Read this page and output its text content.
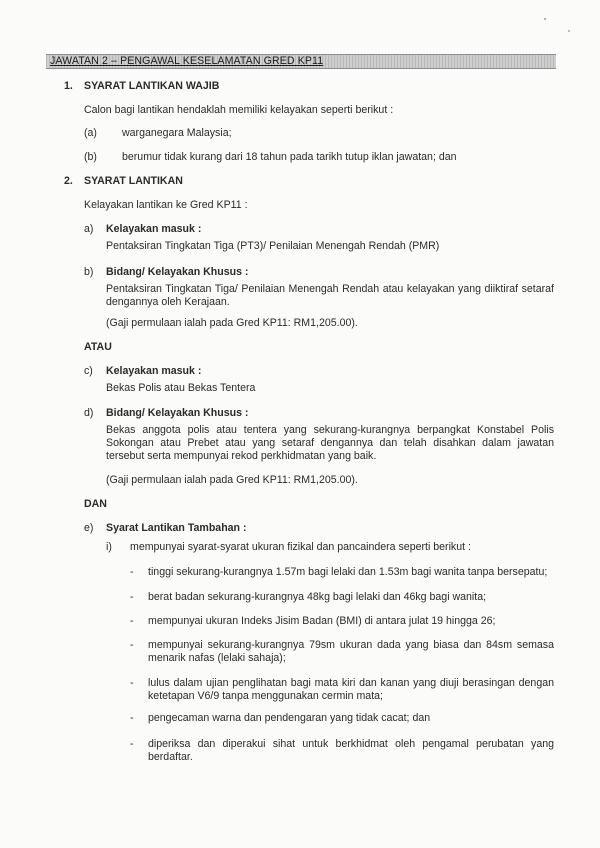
JAWATAN 2 – PENGAWAL KESELAMATAN GRED KP11
1. SYARAT LANTIKAN WAJIB
Calon bagi lantikan hendaklah memiliki kelayakan seperti berikut :
(a) warganegara Malaysia;
(b) berumur tidak kurang dari 18 tahun pada tarikh tutup iklan jawatan; dan
2. SYARAT LANTIKAN
Kelayakan lantikan ke Gred KP11 :
a) Kelayakan masuk :
Pentaksiran Tingkatan Tiga (PT3)/ Penilaian Menengah Rendah (PMR)
b) Bidang/ Kelayakan Khusus :
Pentaksiran Tingkatan Tiga/ Penilaian Menengah Rendah atau kelayakan yang diiktiraf setaraf dengannya oleh Kerajaan.
(Gaji permulaan ialah pada Gred KP11: RM1,205.00).
ATAU
c) Kelayakan masuk :
Bekas Polis atau Bekas Tentera
d) Bidang/ Kelayakan Khusus :
Bekas anggota polis atau tentera yang sekurang-kurangnya berpangkat Konstabel Polis Sokongan atau Prebet atau yang setaraf dengannya dan telah disahkan dalam jawatan tersebut serta mempunyai rekod perkhidmatan yang baik.
(Gaji permulaan ialah pada Gred KP11: RM1,205.00).
DAN
e) Syarat Lantikan Tambahan :
i) mempunyai syarat-syarat ukuran fizikal dan pancaindera seperti berikut :
- tinggi sekurang-kurangnya 1.57m bagi lelaki dan 1.53m bagi wanita tanpa bersepatu;
- berat badan sekurang-kurangnya 48kg bagi lelaki dan 46kg bagi wanita;
- mempunyai ukuran Indeks Jisim Badan (BMI) di antara julat 19 hingga 26;
- mempunyai sekurang-kurangnya 79sm ukuran dada yang biasa dan 84sm semasa menarik nafas (lelaki sahaja);
- lulus dalam ujian penglihatan bagi mata kiri dan kanan yang diuji berasingan dengan ketetapan V6/9 tanpa menggunakan cermin mata;
- pengecaman warna dan pendengaran yang tidak cacat; dan
- diperiksa dan diperakui sihat untuk berkhidmat oleh pengamal perubatan yang berdaftar.
